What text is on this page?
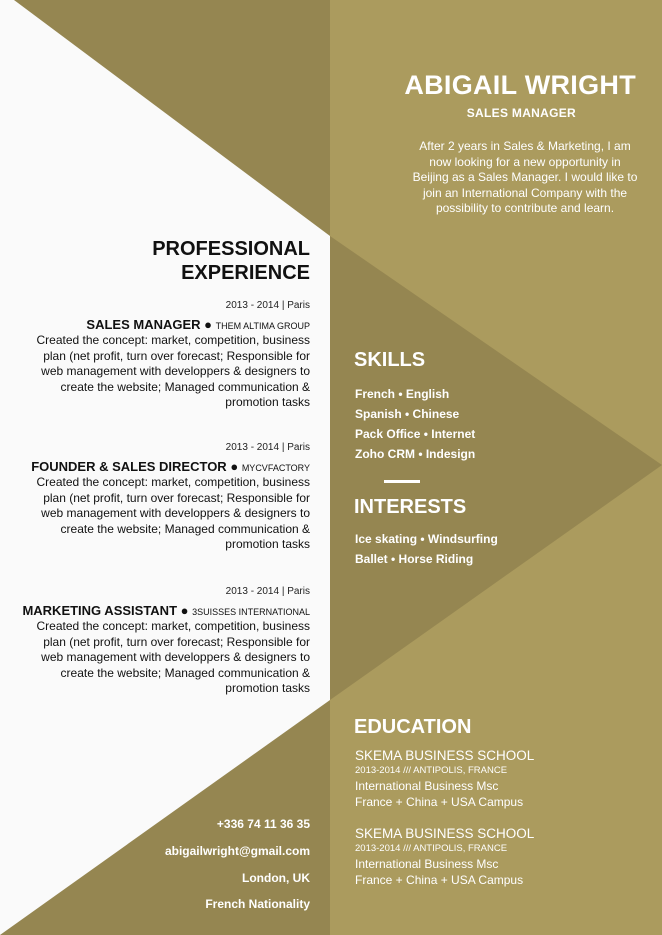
ABIGAIL WRIGHT
SALES MANAGER
After 2 years in Sales & Marketing, I am now looking for a new opportunity in Beijing as a Sales Manager. I would like to join an International Company with the possibility to contribute and learn.
PROFESSIONAL
EXPERIENCE
2013 - 2014 | Paris
SALES MANAGER ● THEM ALTIMA GROUP
Created the concept: market, competition, business plan (net profit, turn over forecast; Responsible for web management with developpers & designers to create the website; Managed communication & promotion tasks
2013 - 2014 | Paris
FOUNDER & SALES DIRECTOR ● MYCVFACTORY
Created the concept: market, competition, business plan (net profit, turn over forecast; Responsible for web management with developpers & designers to create the website; Managed communication & promotion tasks
2013 - 2014 | Paris
MARKETING ASSISTANT ● 3SUISSES INTERNATIONAL
Created the concept: market, competition, business plan (net profit, turn over forecast; Responsible for web management with developpers & designers to create the website; Managed communication & promotion tasks
+336 74 11 36 35
abigailwright@gmail.com
London, UK
French Nationality
SKILLS
French • English
Spanish • Chinese
Pack Office • Internet
Zoho CRM • Indesign
INTERESTS
Ice skating • Windsurfing
Ballet • Horse Riding
EDUCATION
SKEMA BUSINESS SCHOOL
2013-2014 /// ANTIPOLIS, FRANCE
International Business Msc
France + China + USA Campus
SKEMA BUSINESS SCHOOL
2013-2014 /// ANTIPOLIS, FRANCE
International Business Msc
France + China + USA Campus
